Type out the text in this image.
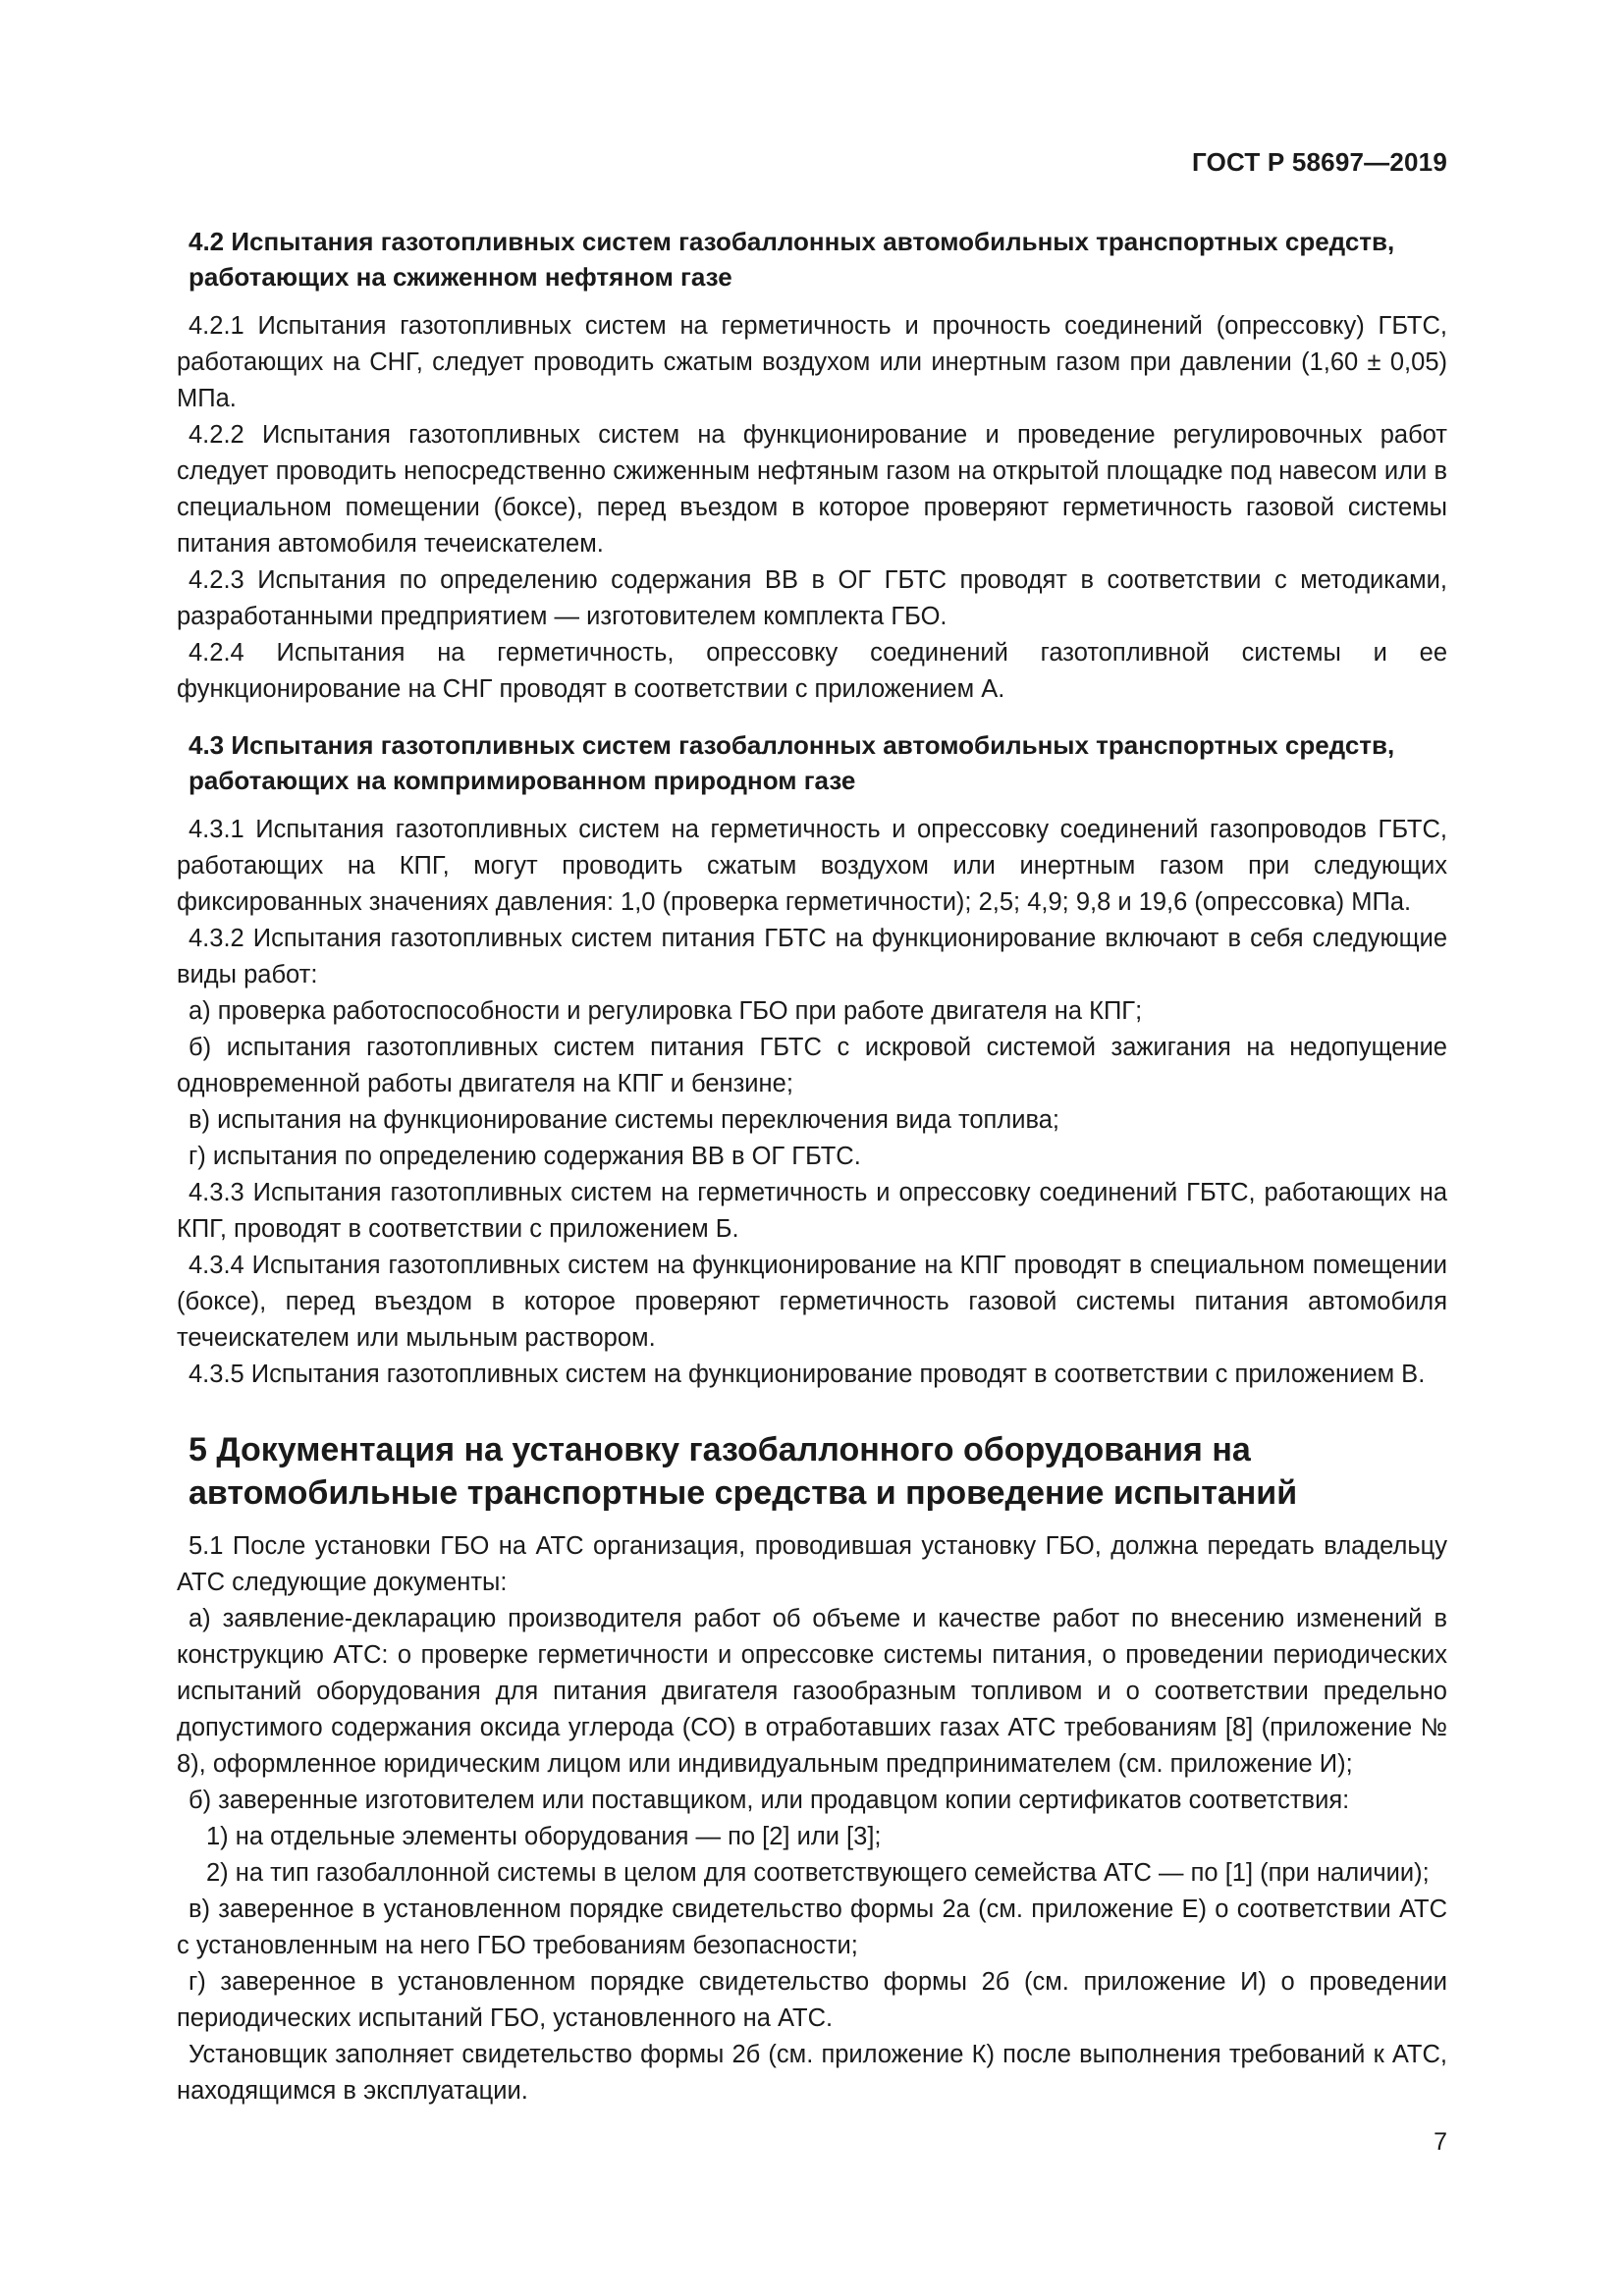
ГОСТ Р 58697—2019
4.2 Испытания газотопливных систем газобаллонных автомобильных транспортных средств, работающих на сжиженном нефтяном газе

4.2.1 Испытания газотопливных систем на герметичность и прочность соединений (опрессовку) ГБТС, работающих на СНГ, следует проводить сжатым воздухом или инертным газом при давлении (1,60 ± 0,05) МПа.

4.2.2 Испытания газотопливных систем на функционирование и проведение регулировочных работ следует проводить непосредственно сжиженным нефтяным газом на открытой площадке под навесом или в специальном помещении (боксе), перед въездом в которое проверяют герметичность газовой системы питания автомобиля течеискателем.

4.2.3 Испытания по определению содержания ВВ в ОГ ГБТС проводят в соответствии с методиками, разработанными предприятием — изготовителем комплекта ГБО.

4.2.4 Испытания на герметичность, опрессовку соединений газотопливной системы и ее функционирование на СНГ проводят в соответствии с приложением А.

4.3 Испытания газотопливных систем газобаллонных автомобильных транспортных средств, работающих на компримированном природном газе

4.3.1 Испытания газотопливных систем на герметичность и опрессовку соединений газопроводов ГБТС, работающих на КПГ, могут проводить сжатым воздухом или инертным газом при следующих фиксированных значениях давления: 1,0 (проверка герметичности); 2,5; 4,9; 9,8 и 19,6 (опрессовка) МПа.

4.3.2 Испытания газотопливных систем питания ГБТС на функционирование включают в себя следующие виды работ:

а) проверка работоспособности и регулировка ГБО при работе двигателя на КПГ;

б) испытания газотопливных систем питания ГБТС с искровой системой зажигания на недопущение одновременной работы двигателя на КПГ и бензине;

в) испытания на функционирование системы переключения вида топлива;

г) испытания по определению содержания ВВ в ОГ ГБТС.

4.3.3 Испытания газотопливных систем на герметичность и опрессовку соединений ГБТС, работающих на КПГ, проводят в соответствии с приложением Б.

4.3.4 Испытания газотопливных систем на функционирование на КПГ проводят в специальном помещении (боксе), перед въездом в которое проверяют герметичность газовой системы питания автомобиля течеискателем или мыльным раствором.

4.3.5 Испытания газотопливных систем на функционирование проводят в соответствии с приложением В.

5 Документация на установку газобаллонного оборудования на автомобильные транспортные средства и проведение испытаний

5.1 После установки ГБО на АТС организация, проводившая установку ГБО, должна передать владельцу АТС следующие документы:

а) заявление-декларацию производителя работ об объеме и качестве работ по внесению изменений в конструкцию АТС: о проверке герметичности и опрессовке системы питания, о проведении периодических испытаний оборудования для питания двигателя газообразным топливом и о соответствии предельно допустимого содержания оксида углерода (СО) в отработавших газах АТС требованиям [8] (приложение № 8), оформленное юридическим лицом или индивидуальным предпринимателем (см. приложение И);

б) заверенные изготовителем или поставщиком, или продавцом копии сертификатов соответствия:

1) на отдельные элементы оборудования — по [2] или [3];

2) на тип газобаллонной системы в целом для соответствующего семейства АТС — по [1] (при наличии);

в) заверенное в установленном порядке свидетельство формы 2а (см. приложение Е) о соответствии АТС с установленным на него ГБО требованиям безопасности;

г) заверенное в установленном порядке свидетельство формы 2б (см. приложение И) о проведении периодических испытаний ГБО, установленного на АТС.

Установщик заполняет свидетельство формы 2б (см. приложение К) после выполнения требований к АТС, находящимся в эксплуатации.

7
